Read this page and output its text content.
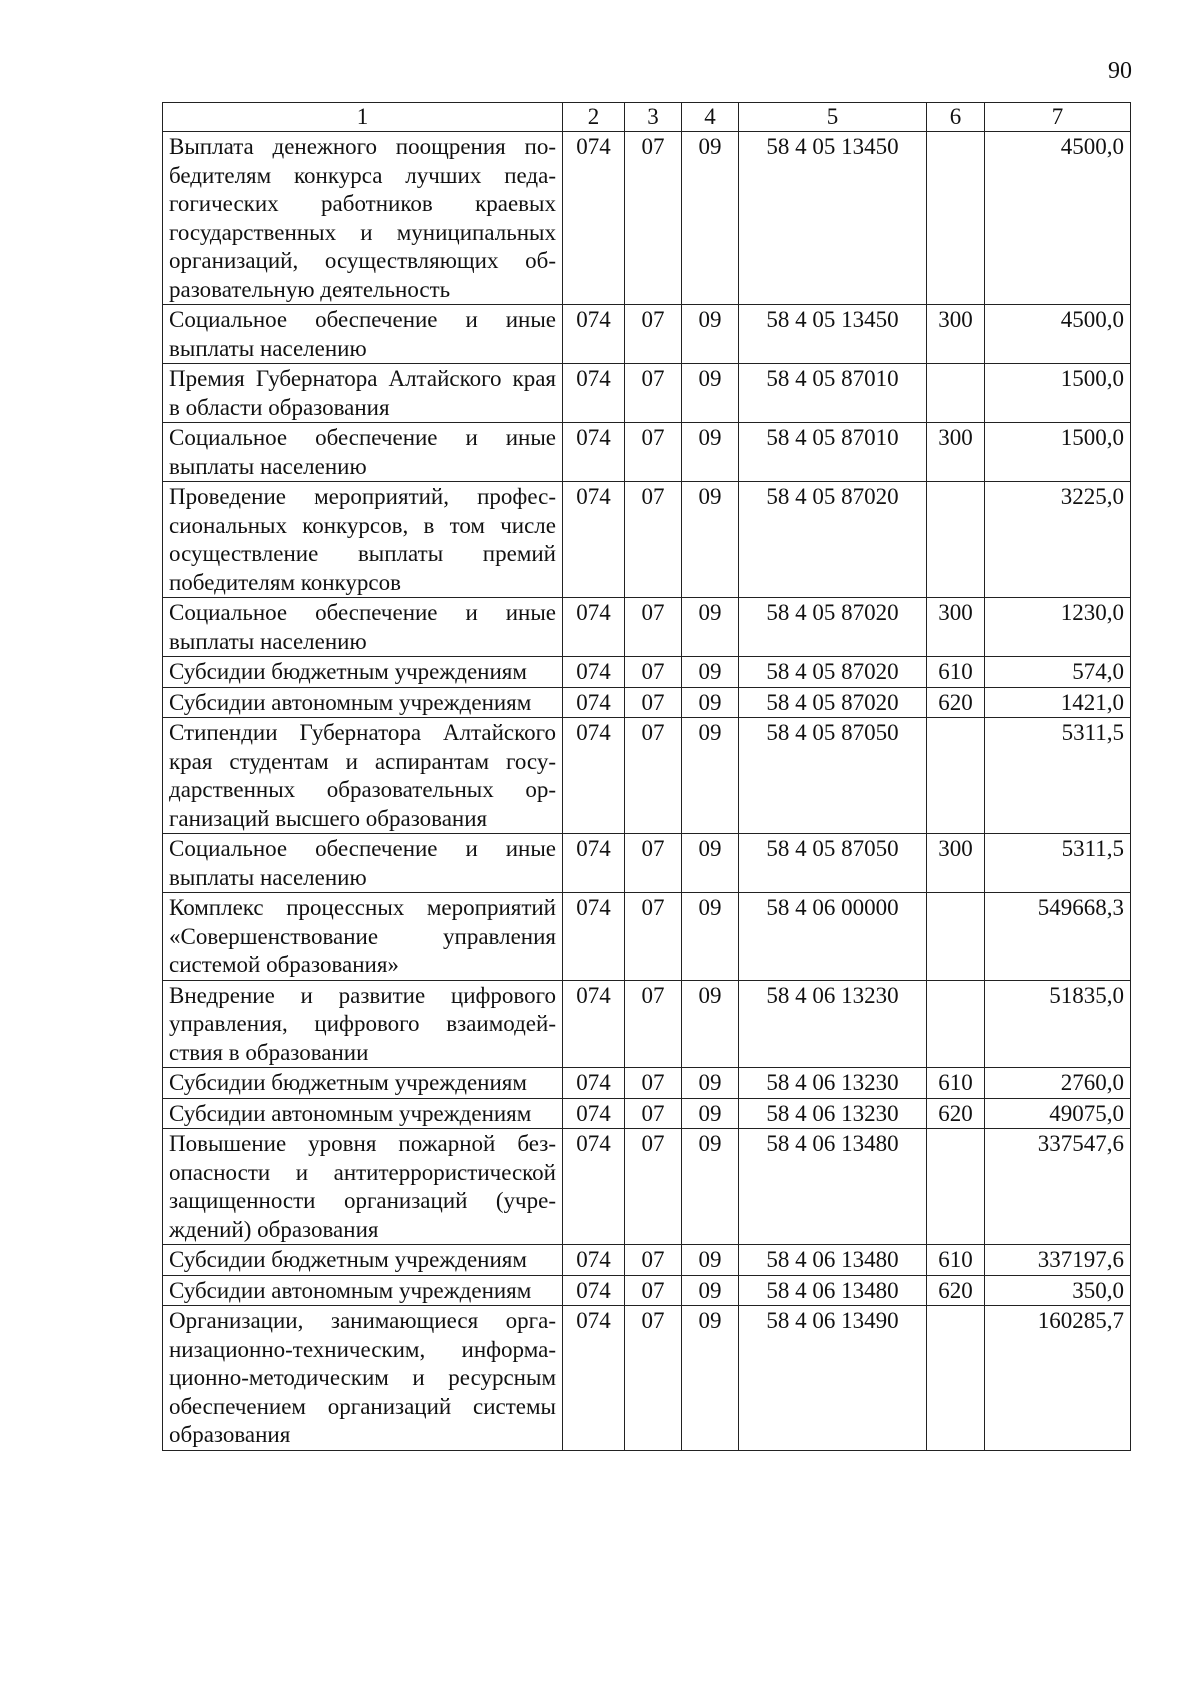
90
1	2	3	4	5	6	7
Выплата денежного поощрения победителям конкурса лучших педагогических работников краевых государственных и муниципальных организаций, осуществляющих образовательную деятельность	074	07	09	58 4 05 13450		4500,0
Социальное обеспечение и иные выплаты населению	074	07	09	58 4 05 13450	300	4500,0
Премия Губернатора Алтайского края в области образования	074	07	09	58 4 05 87010		1500,0
Социальное обеспечение и иные выплаты населению	074	07	09	58 4 05 87010	300	1500,0
Проведение мероприятий, профессиональных конкурсов, в том числе осуществление выплаты премий победителям конкурсов	074	07	09	58 4 05 87020		3225,0
Социальное обеспечение и иные выплаты населению	074	07	09	58 4 05 87020	300	1230,0
Субсидии бюджетным учреждениям	074	07	09	58 4 05 87020	610	574,0
Субсидии автономным учреждениям	074	07	09	58 4 05 87020	620	1421,0
Стипендии Губернатора Алтайского края студентам и аспирантам государственных образовательных организаций высшего образования	074	07	09	58 4 05 87050		5311,5
Социальное обеспечение и иные выплаты населению	074	07	09	58 4 05 87050	300	5311,5
Комплекс процессных мероприятий «Совершенствование управления системой образования»	074	07	09	58 4 06 00000		549668,3
Внедрение и развитие цифрового управления, цифрового взаимодействия в образовании	074	07	09	58 4 06 13230		51835,0
Субсидии бюджетным учреждениям	074	07	09	58 4 06 13230	610	2760,0
Субсидии автономным учреждениям	074	07	09	58 4 06 13230	620	49075,0
Повышение уровня пожарной безопасности и антитеррористической защищенности организаций (учреждений) образования	074	07	09	58 4 06 13480		337547,6
Субсидии бюджетным учреждениям	074	07	09	58 4 06 13480	610	337197,6
Субсидии автономным учреждениям	074	07	09	58 4 06 13480	620	350,0
Организации, занимающиеся организационно-техническим, информационно-методическим и ресурсным обеспечением организаций системы образования	074	07	09	58 4 06 13490		160285,7
